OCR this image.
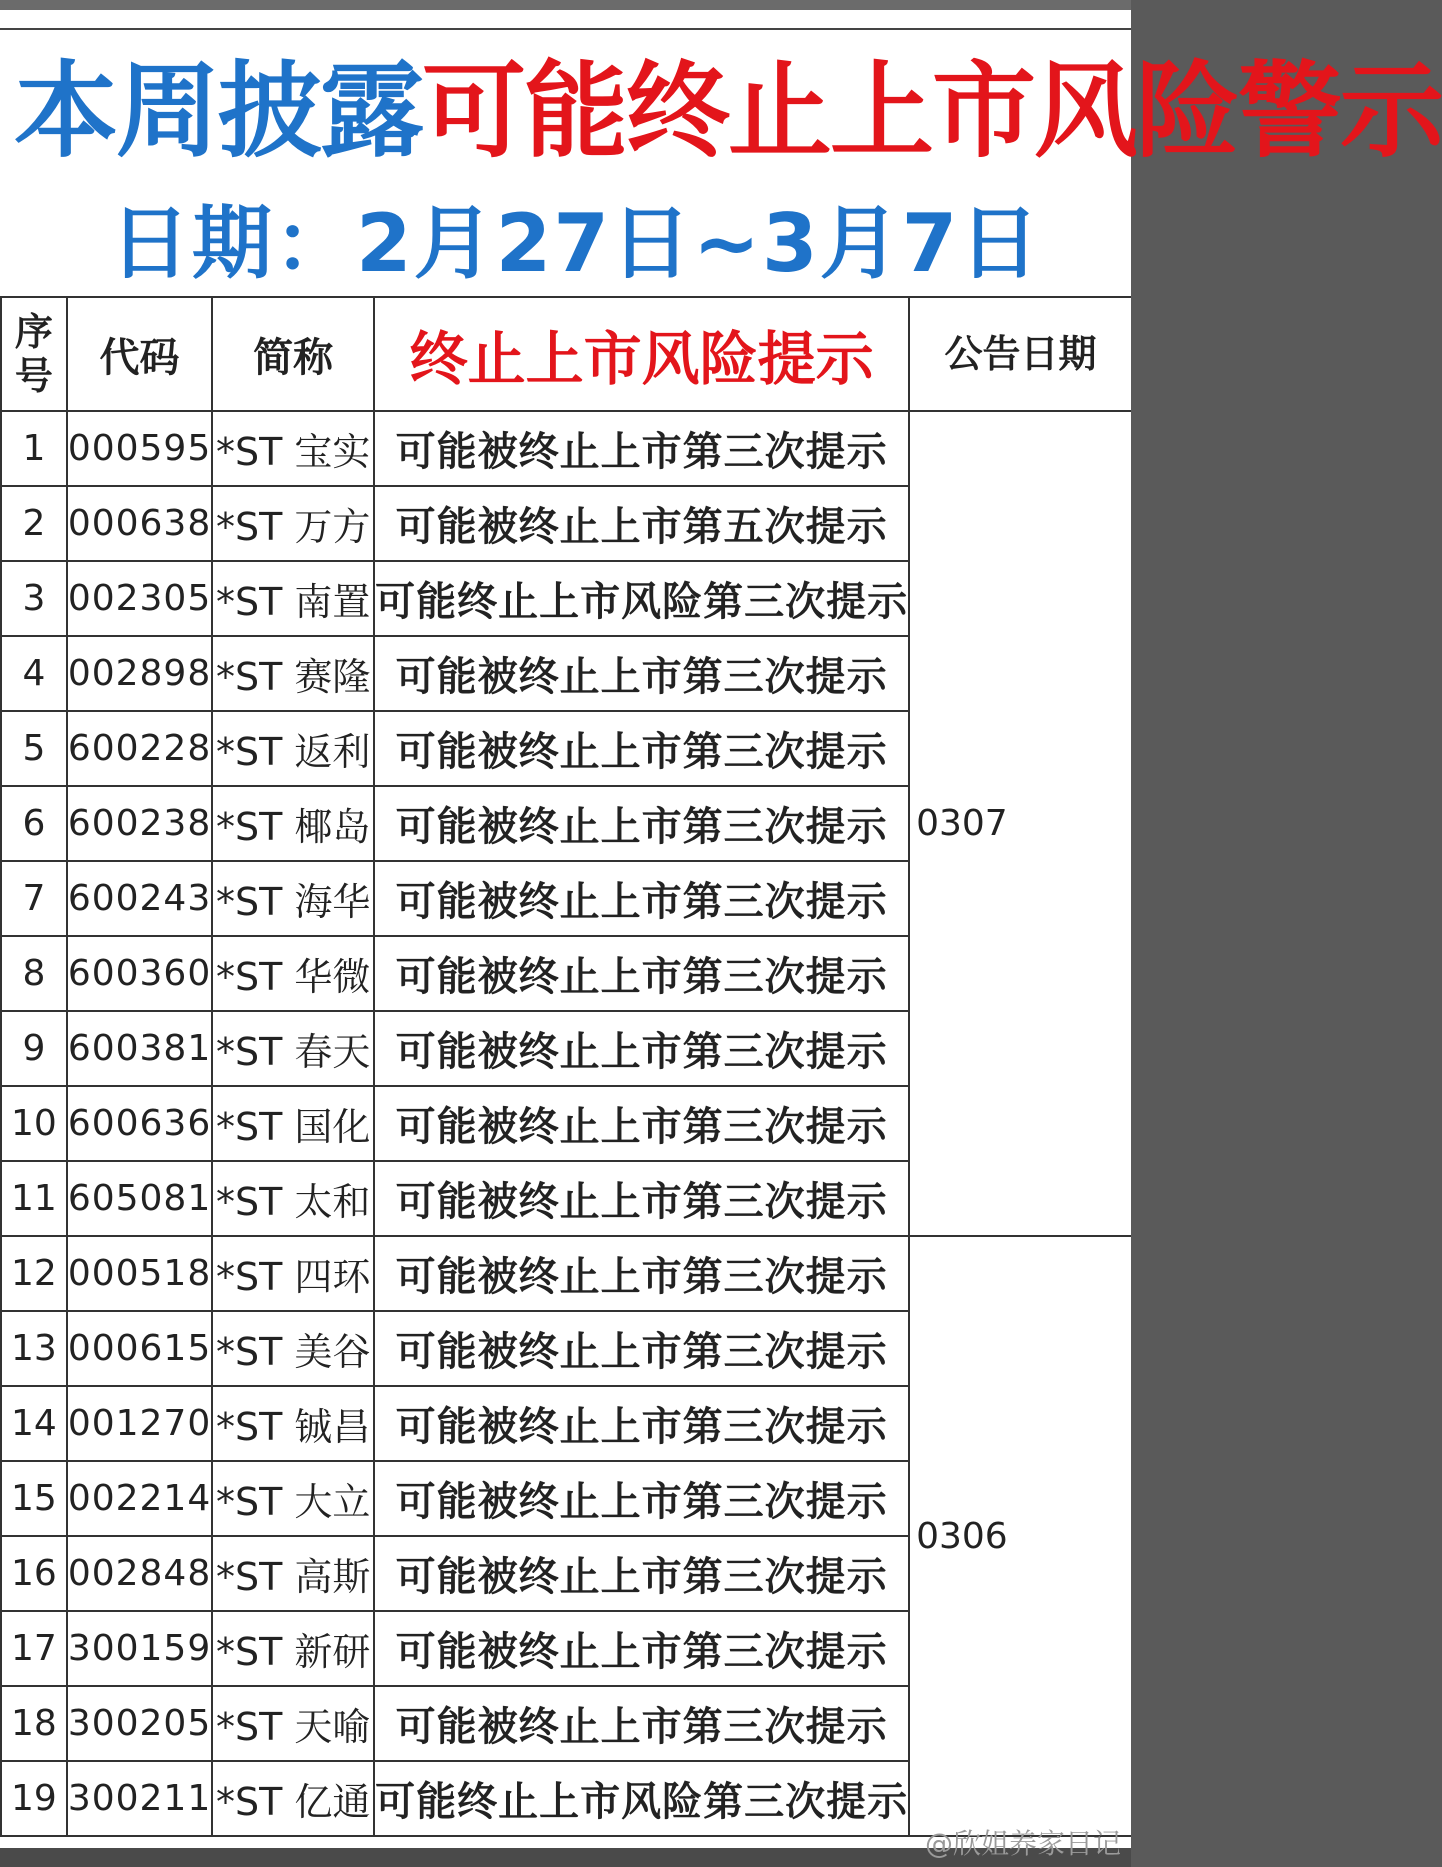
本周披露可能终止上市风险警示
日期：2月27日~3月7日
序号	代码	简称	终止上市风险提示	公告日期
1	000595	*ST 宝实	可能被终止上市第三次提示	0307
2	000638	*ST 万方	可能被终止上市第五次提示	
3	002305	*ST 南置	可能终止上市风险第三次提示	
4	002898	*ST 赛隆	可能被终止上市第三次提示	
5	600228	*ST 返利	可能被终止上市第三次提示	
6	600238	*ST 椰岛	可能被终止上市第三次提示	
7	600243	*ST 海华	可能被终止上市第三次提示	
8	600360	*ST 华微	可能被终止上市第三次提示	
9	600381	*ST 春天	可能被终止上市第三次提示	
10	600636	*ST 国化	可能被终止上市第三次提示	
11	605081	*ST 太和	可能被终止上市第三次提示	
12	000518	*ST 四环	可能被终止上市第三次提示	0306
13	000615	*ST 美谷	可能被终止上市第三次提示	
14	001270	*ST 铖昌	可能被终止上市第三次提示	
15	002214	*ST 大立	可能被终止上市第三次提示	
16	002848	*ST 高斯	可能被终止上市第三次提示	
17	300159	*ST 新研	可能被终止上市第三次提示	
18	300205	*ST 天喻	可能被终止上市第三次提示	
19	300211	*ST 亿通	可能终止上市风险第三次提示	
@欣姐养家日记
